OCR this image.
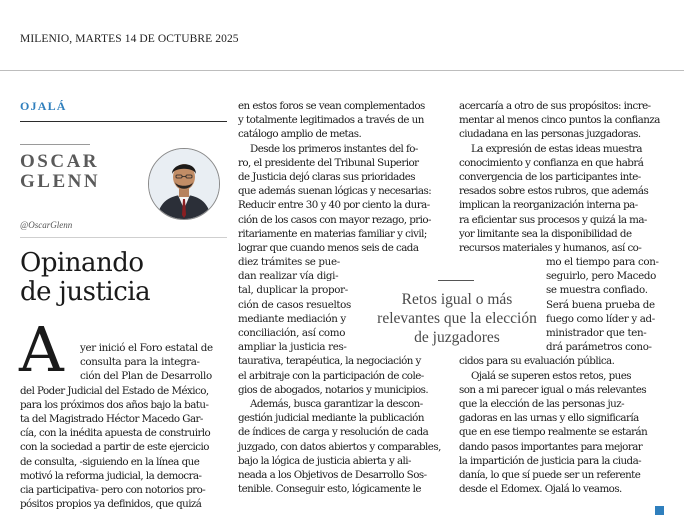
MILENIO, MARTES 14 DE OCTUBRE 2025
OJALÁ
OSCAR
GLENN
@OscarGlenn
Opinando
de justicia
A	yer inició el Foro estatal de
consulta para la integra-
ción del Plan de Desarrollo
del Poder Judicial del Estado de México,
para los próximos dos años bajo la batu-
ta del Magistrado Héctor Macedo Gar-
cía, con la inédita apuesta de construirlo
con la sociedad a partir de este ejercicio
de consulta, -siguiendo en la línea que
motivó la reforma judicial, la democra-
cia participativa- pero con notorios pro-
pósitos propios ya definidos, que quizá
en estos foros se vean complementados
y totalmente legitimados a través de un
catálogo amplio de metas.
Desde los primeros instantes del fo-
ro, el presidente del Tribunal Superior
de Justicia dejó claras sus prioridades
que además suenan lógicas y necesarias:
Reducir entre 30 y 40 por ciento la dura-
ción de los casos con mayor rezago, prio-
ritariamente en materias familiar y civil;
lograr que cuando menos seis de cada
diez trámites se pue-
dan realizar vía digi-
tal, duplicar la propor-
ción de casos resueltos
mediante mediación y
conciliación, así como
ampliar la justicia res-
taurativa, terapéutica, la negociación y
el arbitraje con la participación de cole-
gios de abogados, notarios y municipios.
Además, busca garantizar la descon-
gestión judicial mediante la publicación
de índices de carga y resolución de cada
juzgado, con datos abiertos y comparables,
bajo la lógica de justicia abierta y ali-
neada a los Objetivos de Desarrollo Sos-
tenible. Conseguir esto, lógicamente le
Retos igual o más relevantes que la elección de juzgadores
acercaría a otro de sus propósitos: incre-
mentar al menos cinco puntos la confianza
ciudadana en las personas juzgadoras.
La expresión de estas ideas muestra
conocimiento y confianza en que habrá
convergencia de los participantes inte-
resados sobre estos rubros, que además
implican la reorganización interna pa-
ra eficientar sus procesos y quizá la ma-
yor limitante sea la disponibilidad de
recursos materiales y humanos, así co-
mo el tiempo para con-
seguirlo, pero Macedo
se muestra confiado.
Será buena prueba de
fuego como líder y ad-
ministrador que ten-
drá parámetros cono-
cidos para su evaluación pública.
Ojalá se superen estos retos, pues
son a mi parecer igual o más relevantes
que la elección de las personas juz-
gadoras en las urnas y ello significaría
que en ese tiempo realmente se estarán
dando pasos importantes para mejorar
la impartición de justicia para la ciuda-
danía, lo que sí puede ser un referente
desde el Edomex. Ojalá lo veamos.
